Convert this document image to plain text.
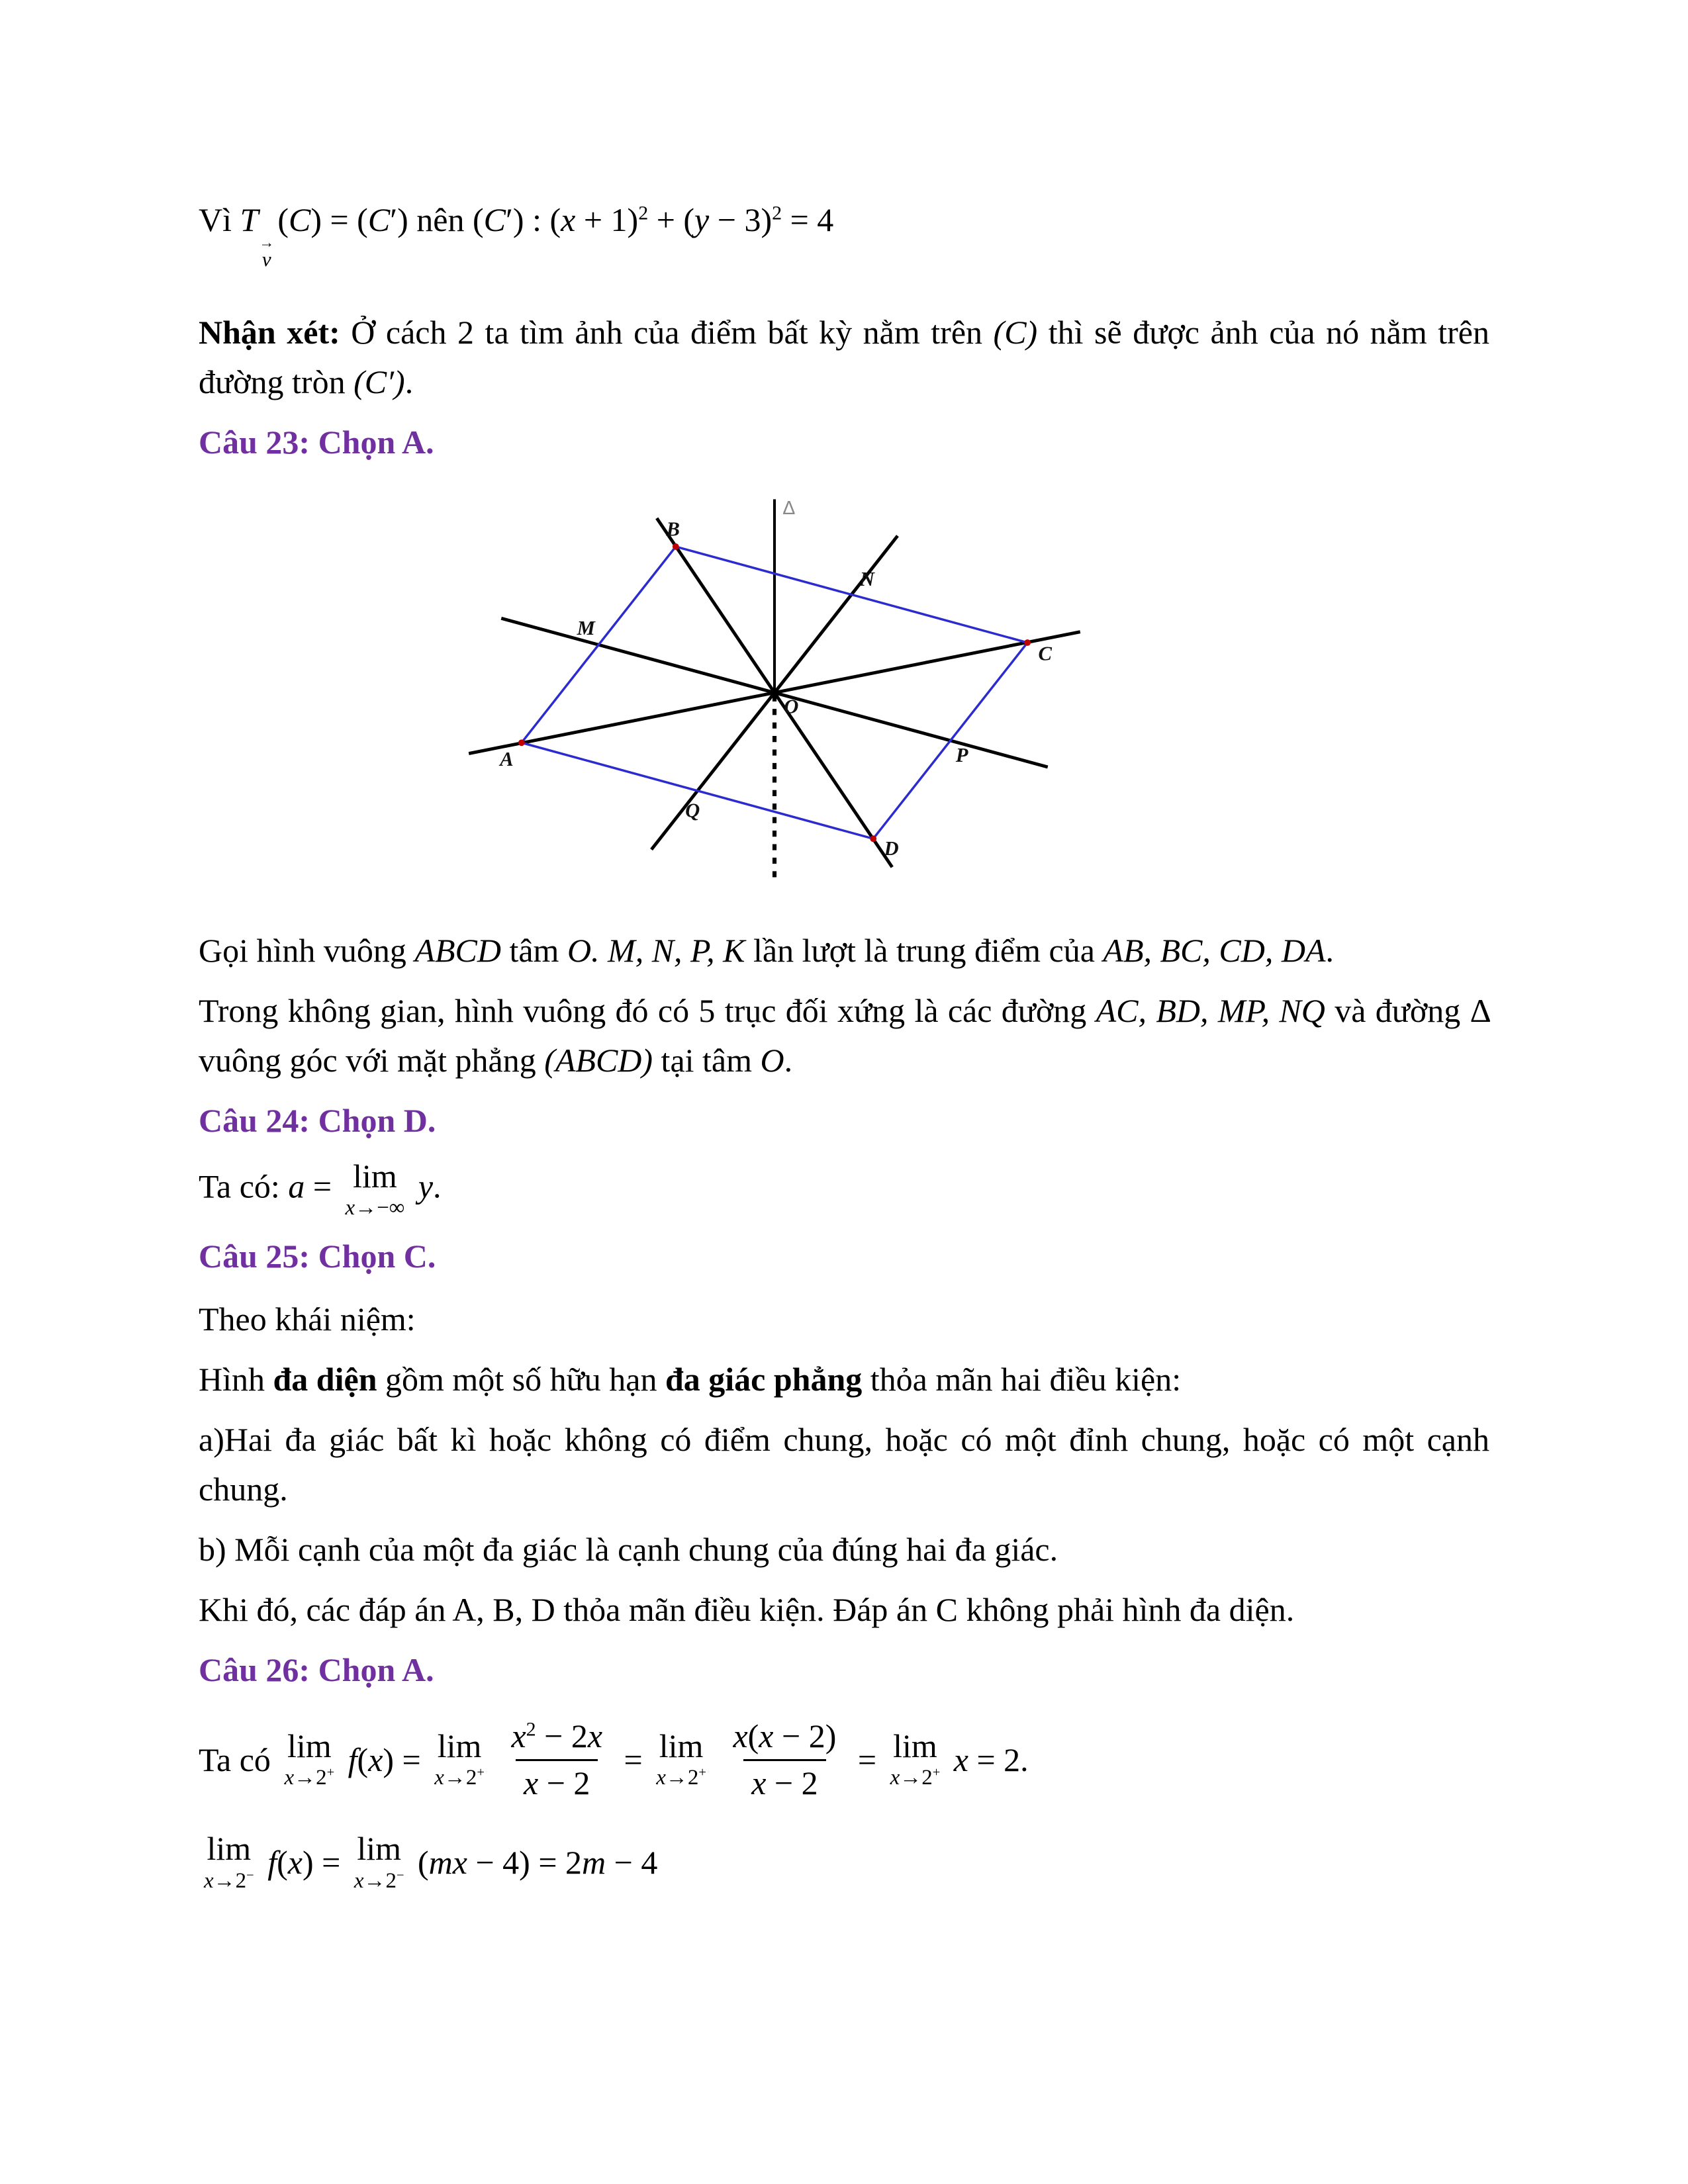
Vì T
→
v
(C) = (C′) nên (C′) : $(x + 1)^2 + (y - 3)^2 = 4$

Nhận xét: Ở cách 2 ta tìm ảnh của điểm bất kỳ nằm trên (C) thì sẽ được ảnh của nó nằm trên đường tròn (C′).

Câu 23: Chọn A.

A
B
C
D
M
N
P
Q
O
Δ

Gọi hình vuông ABCD tâm O. M, N, P, K lần lượt là trung điểm của AB, BC, CD, DA.

Trong không gian, hình vuông đó có 5 trục đối xứng là các đường AC, BD, MP, NQ và đường Δ vuông góc với mặt phẳng (ABCD) tại tâm O.

Câu 24: Chọn D.

Ta có: a = lim
x→−∞
y.

Câu 25: Chọn C.

Theo khái niệm:

Hình đa diện gồm một số hữu hạn đa giác phẳng thỏa mãn hai điều kiện:

a)Hai đa giác bất kì hoặc không có điểm chung, hoặc có một đỉnh chung, hoặc có một cạnh chung.

b) Mỗi cạnh của một đa giác là cạnh chung của đúng hai đa giác.

Khi đó, các đáp án A, B, D thỏa mãn điều kiện. Đáp án C không phải hình đa diện.

Câu 26: Chọn A.

Ta có lim
x→2+
f ( x ) = lim
x→2+
$\frac{x^2 - 2x}{x - 2} = \lim$
x→2+
$\frac{x(x - 2)}{x - 2} = \lim$
x→2+
x = 2.

lim
x→2−
f ( x ) = lim
x→2− ( mx − 4) = 2 m − 4
